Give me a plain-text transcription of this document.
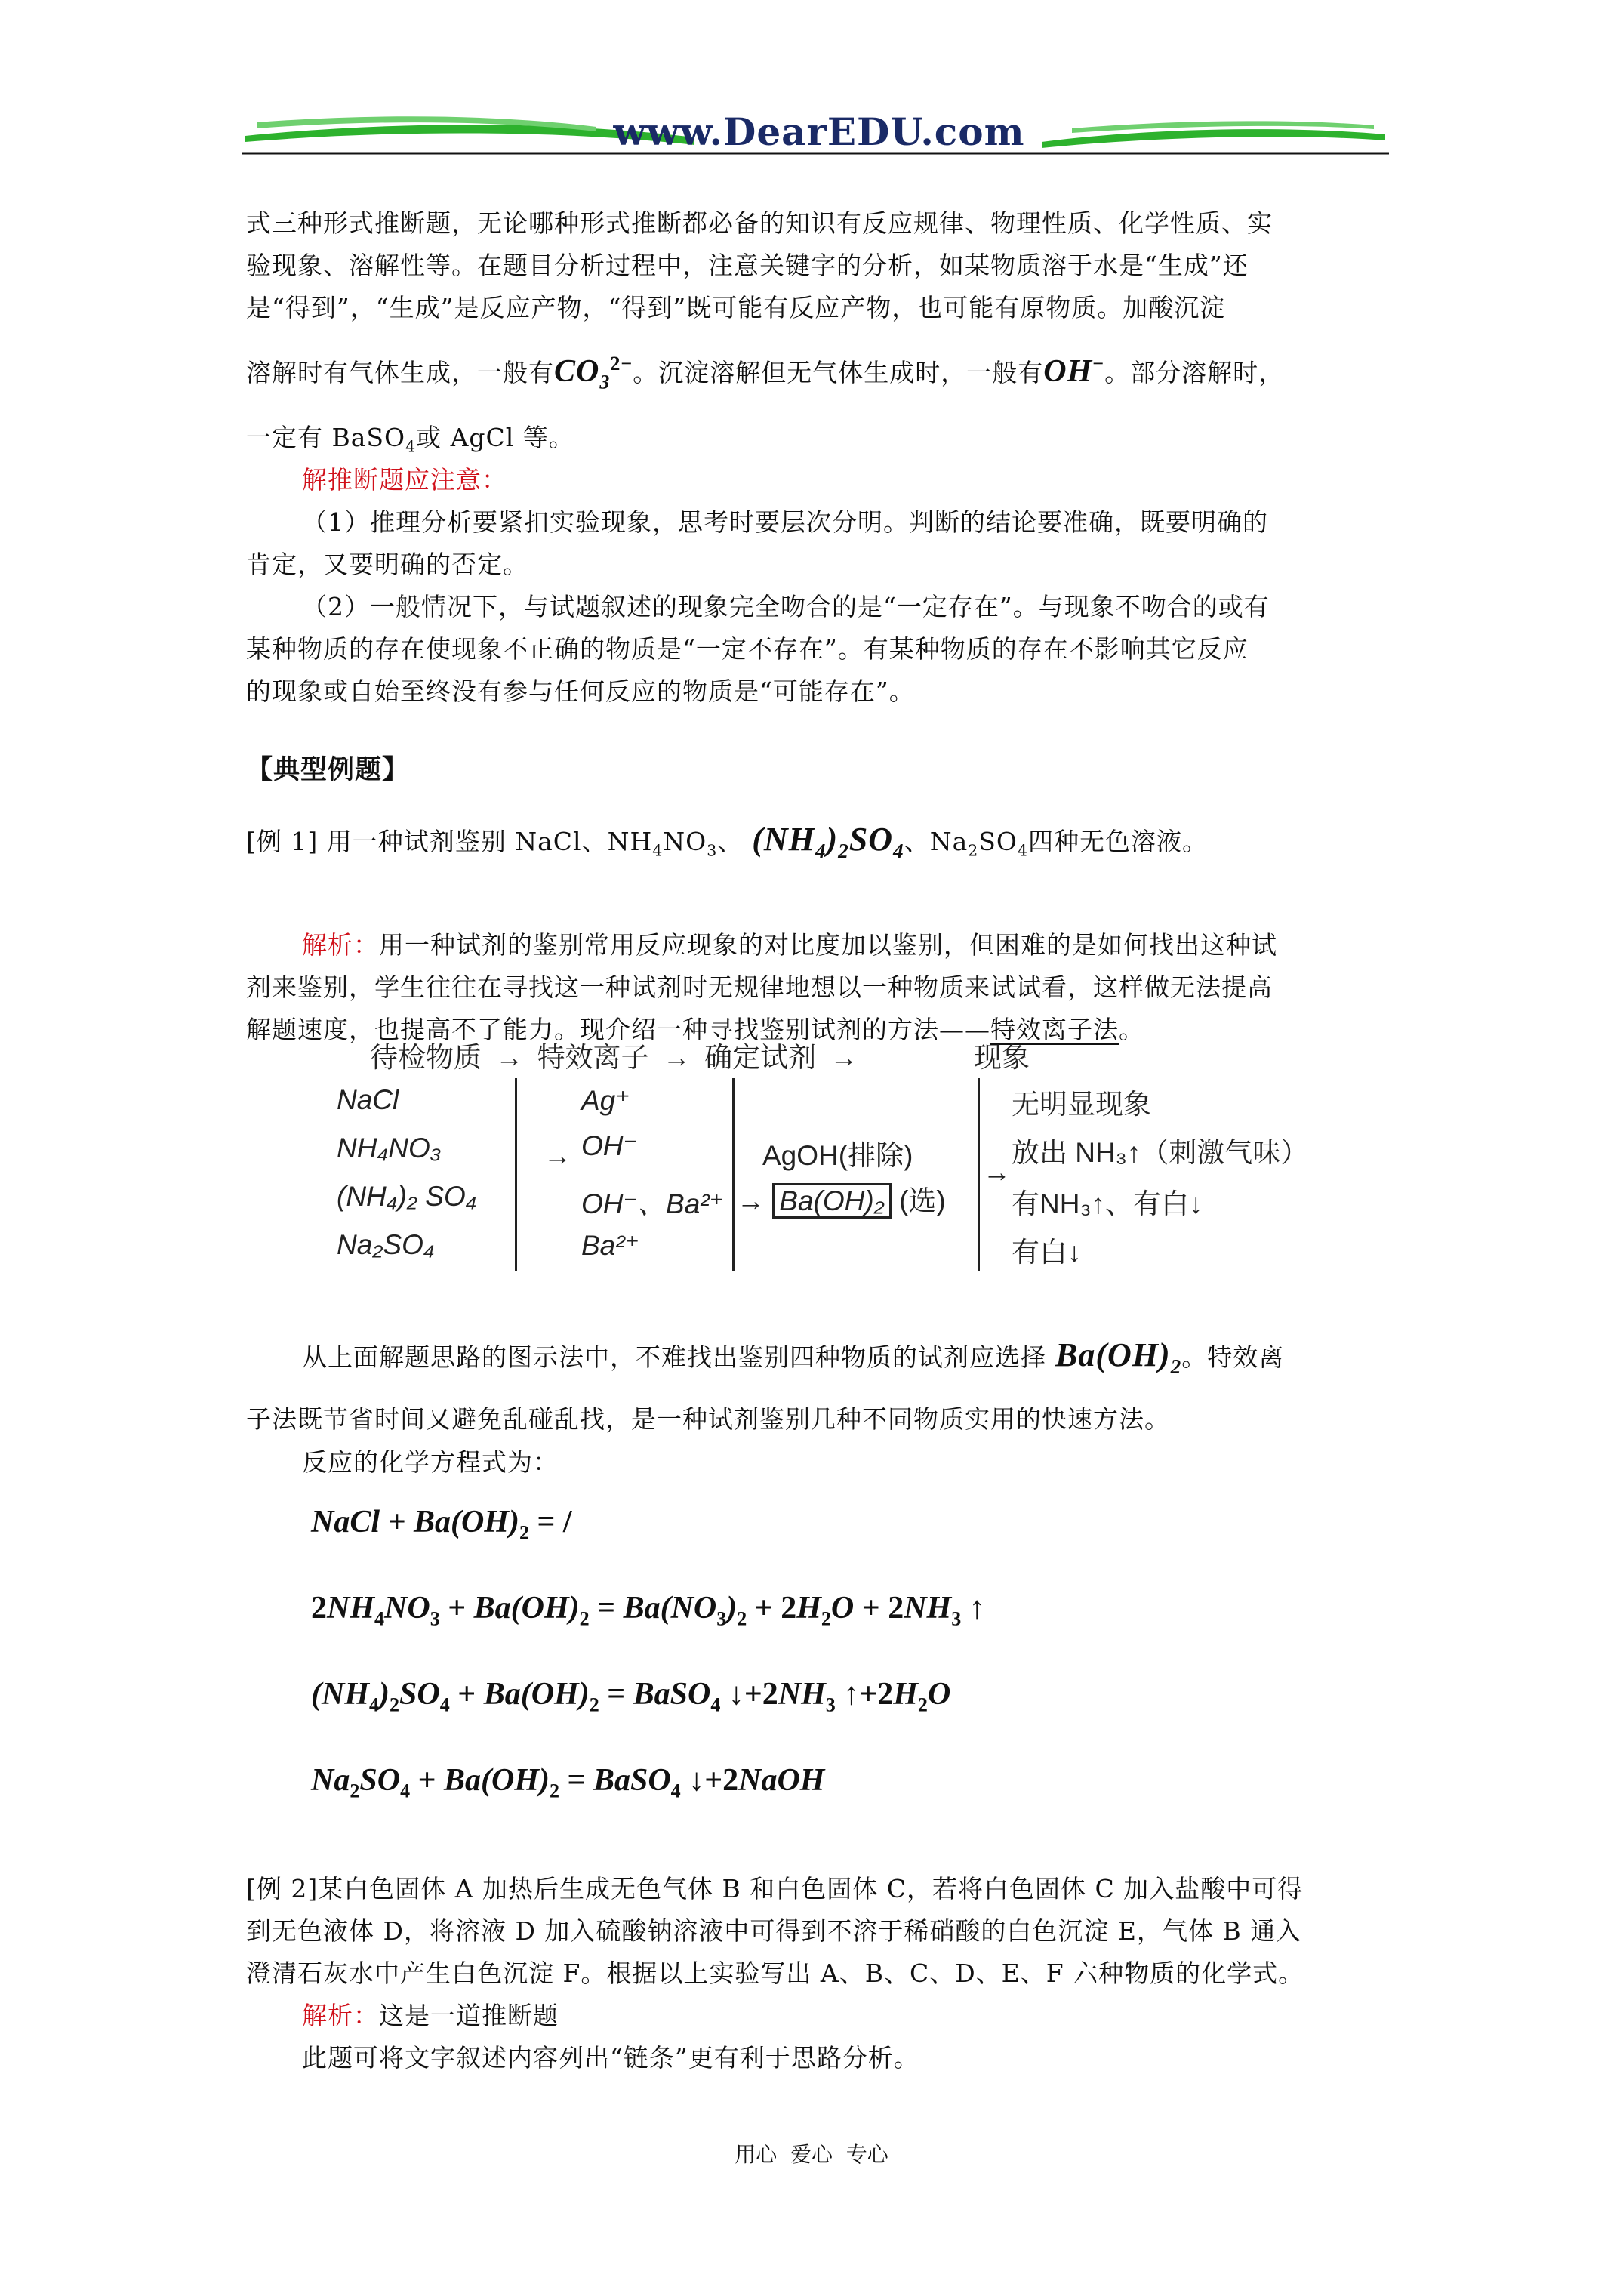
www.DearEDU.com
式三种形式推断题，无论哪种形式推断都必备的知识有反应规律、物理性质、化学性质、实
验现象、溶解性等。在题目分析过程中，注意关键字的分析，如某物质溶于水是“生成”还
是“得到”，“生成”是反应产物，“得到”既可能有反应产物，也可能有原物质。加酸沉淀
溶解时有气体生成，一般有$CO_3^{2-}$。沉淀溶解但无气体生成时，一般有OH−。部分溶解时，
一定有 BaSO$_4$或 AgCl 等。
解推断题应注意：
（1）推理分析要紧扣实验现象，思考时要层次分明。判断的结论要准确，既要明确的
肯定，又要明确的否定。
（2）一般情况下，与试题叙述的现象完全吻合的是“一定存在”。与现象不吻合的或有
某种物质的存在使现象不正确的物质是“一定不存在”。有某种物质的存在不影响其它反应
的现象或自始至终没有参与任何反应的物质是“可能存在”。
【典型例题】
[例 1] 用一种试剂鉴别 NaCl、$NH_4NO_3$、 $(NH_4)_2SO_4$、$Na_2SO_4$四种无色溶液。
解析：用一种试剂的鉴别常用反应现象的对比度加以鉴别，但困难的是如何找出这种试
剂来鉴别，学生往往在寻找这一种试剂时无规律地想以一种物质来试试看，这样做无法提高
解题速度，也提高不了能力。现介绍一种寻找鉴别试剂的方法——特效离子法。
待检物质 → 特效离子 → 确定试剂 →	现象
NaCl
NH₄NO₃
(NH₄)₂ SO₄
Na₂SO₄
Ag⁺
→ OH⁻
OH⁻、Ba²⁺
Ba²⁺
AgOH(排除)
→ Ba(OH)₂ (选)
→
无明显现象
放出 NH₃↑（刺激气味）
有NH₃↑、有白↓
有白↓
从上面解题思路的图示法中，不难找出鉴别四种物质的试剂应选择 $Ba(OH)_2$。特效离
子法既节省时间又避免乱碰乱找，是一种试剂鉴别几种不同物质实用的快速方法。
反应的化学方程式为：
NaCl + $Ba(OH)_2$ = /
$2NH_4NO_3 + Ba(OH)_2 = Ba(NO_3)_2 + 2H_2O + 2NH_3$ ↑
$(NH_4)_2SO_4 + Ba(OH)_2$ = BaSO$_4$ $↓+2NH_3$ $↑+2H_2O$
$Na_2SO_4 + Ba(OH)_2$ = BaSO$_4$ ↓+2NaOH
[例 2]某白色固体 A 加热后生成无色气体 B 和白色固体 C，若将白色固体 C 加入盐酸中可得
到无色液体 D，将溶液 D 加入硫酸钠溶液中可得到不溶于稀硝酸的白色沉淀 E，气体 B 通入
澄清石灰水中产生白色沉淀 F。根据以上实验写出 A、B、C、D、E、F 六种物质的化学式。
解析：这是一道推断题
此题可将文字叙述内容列出“链条”更有利于思路分析。
用心  爱心  专心
